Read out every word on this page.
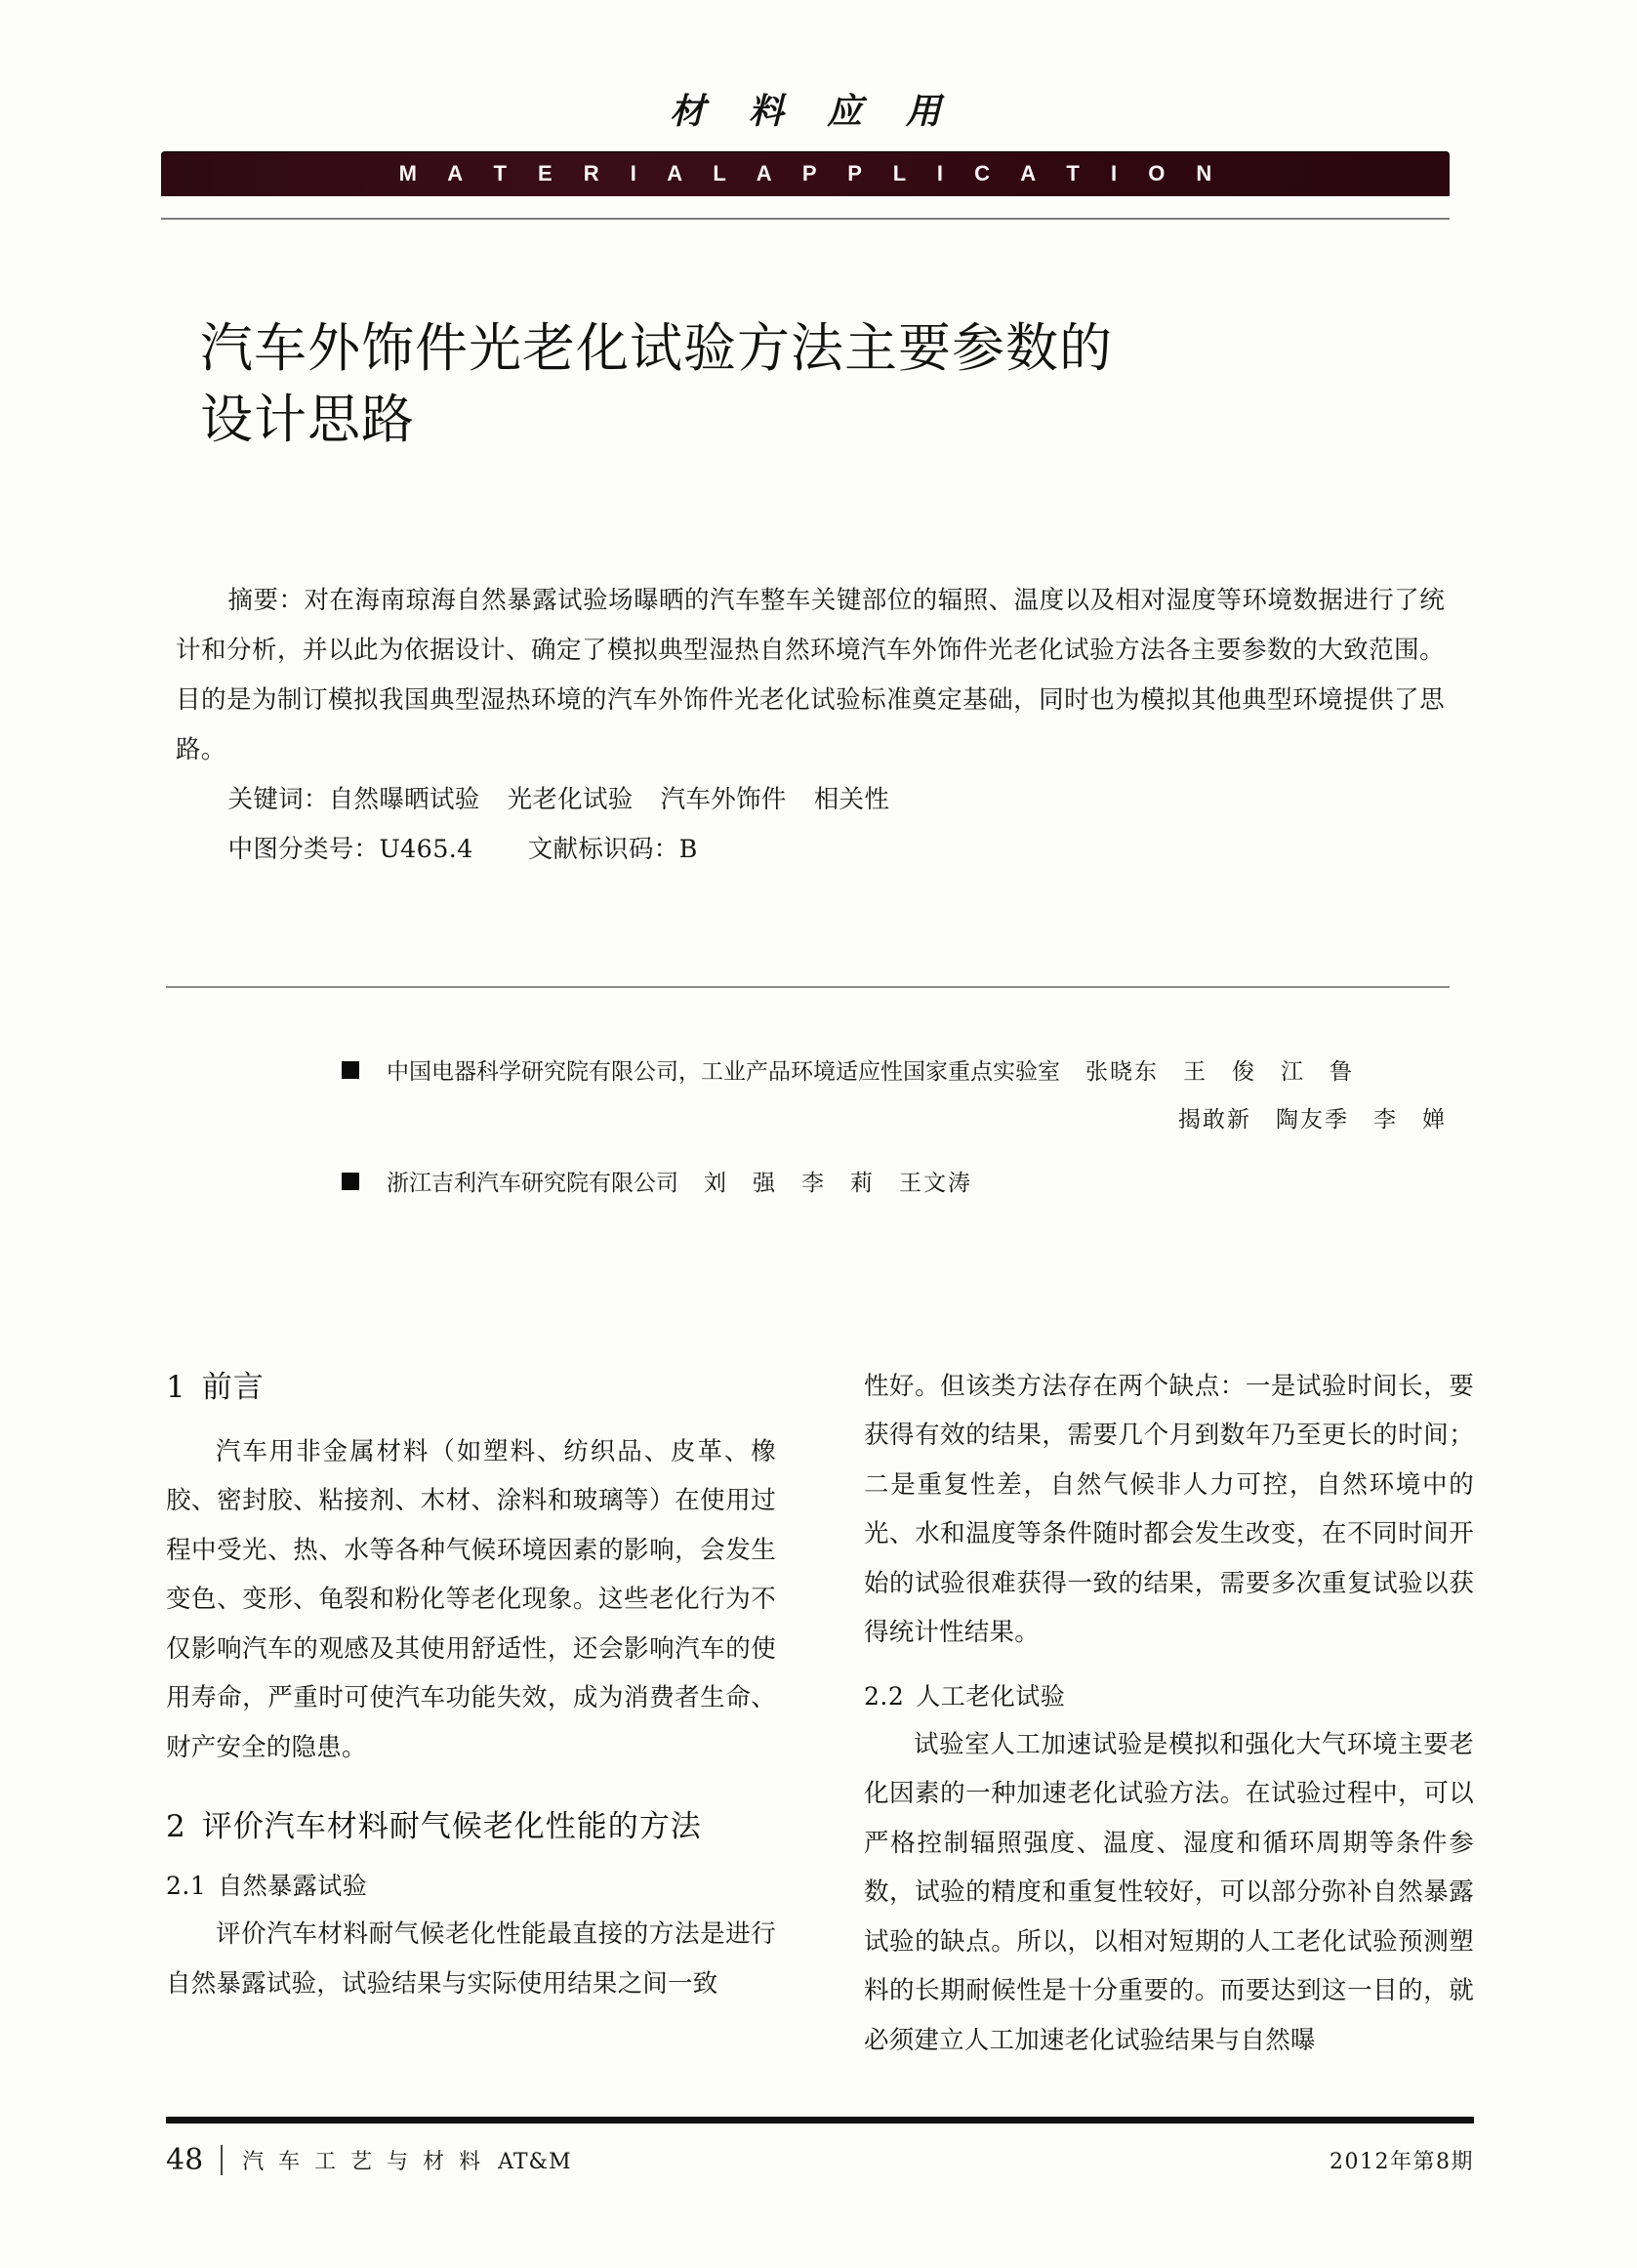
材 料 应 用
M A T E R I A L A P P L I C A T I O N
汽车外饰件光老化试验方法主要参数的
设计思路

摘要：对在海南琼海自然暴露试验场曝晒的汽车整车关键部位的辐照、温度以及相对湿度等环境数据进行了统计和分析，并以此为依据设计、确定了模拟典型湿热自然环境汽车外饰件光老化试验方法各主要参数的大致范围。目的是为制订模拟我国典型湿热环境的汽车外饰件光老化试验标准奠定基础，同时也为模拟其他典型环境提供了思路。

关键词：自然曝晒试验 光老化试验 汽车外饰件 相关性

中图分类号：U465.4 文献标识码：B

中国电器科学研究院有限公司，工业产品环境适应性国家重点实验室 张晓东　王　俊　江　鲁
揭敢新　陶友季　李　婵
浙江吉利汽车研究院有限公司 刘　强　李　莉　王文涛
1 前言

汽车用非金属材料（如塑料、纺织品、皮革、橡胶、密封胶、粘接剂、木材、涂料和玻璃等）在使用过程中受光、热、水等各种气候环境因素的影响，会发生变色、变形、龟裂和粉化等老化现象。这些老化行为不仅影响汽车的观感及其使用舒适性，还会影响汽车的使用寿命，严重时可使汽车功能失效，成为消费者生命、财产安全的隐患。

2 评价汽车材料耐气候老化性能的方法
2.1 自然暴露试验

评价汽车材料耐气候老化性能最直接的方法是进行自然暴露试验，试验结果与实际使用结果之间一致

性好。但该类方法存在两个缺点：一是试验时间长，要获得有效的结果，需要几个月到数年乃至更长的时间；二是重复性差，自然气候非人力可控，自然环境中的光、水和温度等条件随时都会发生改变，在不同时间开始的试验很难获得一致的结果，需要多次重复试验以获得统计性结果。

2.2 人工老化试验

试验室人工加速试验是模拟和强化大气环境主要老化因素的一种加速老化试验方法。在试验过程中，可以严格控制辐照强度、温度、湿度和循环周期等条件参数，试验的精度和重复性较好，可以部分弥补自然暴露试验的缺点。所以，以相对短期的人工老化试验预测塑料的长期耐候性是十分重要的。而要达到这一目的，就必须建立人工加速老化试验结果与自然曝

48	汽 车 工 艺 与 材 料 AT&M	2012年第8期
